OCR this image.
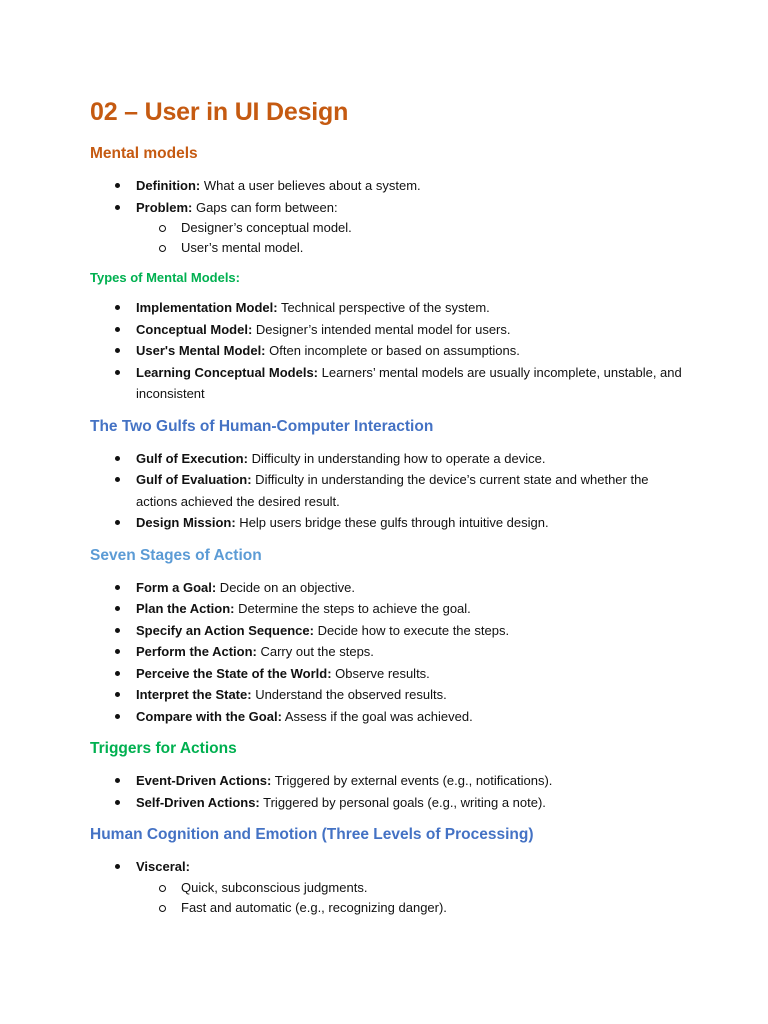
02 – User in UI Design
Mental models
Definition: What a user believes about a system.
Problem: Gaps can form between:
Designer’s conceptual model.
User’s mental model.
Types of Mental Models:
Implementation Model: Technical perspective of the system.
Conceptual Model: Designer’s intended mental model for users.
User's Mental Model: Often incomplete or based on assumptions.
Learning Conceptual Models: Learners’ mental models are usually incomplete, unstable, and inconsistent
The Two Gulfs of Human-Computer Interaction
Gulf of Execution: Difficulty in understanding how to operate a device.
Gulf of Evaluation: Difficulty in understanding the device’s current state and whether the actions achieved the desired result.
Design Mission: Help users bridge these gulfs through intuitive design.
Seven Stages of Action
Form a Goal: Decide on an objective.
Plan the Action: Determine the steps to achieve the goal.
Specify an Action Sequence: Decide how to execute the steps.
Perform the Action: Carry out the steps.
Perceive the State of the World: Observe results.
Interpret the State: Understand the observed results.
Compare with the Goal: Assess if the goal was achieved.
Triggers for Actions
Event-Driven Actions: Triggered by external events (e.g., notifications).
Self-Driven Actions: Triggered by personal goals (e.g., writing a note).
Human Cognition and Emotion (Three Levels of Processing)
Visceral:
Quick, subconscious judgments.
Fast and automatic (e.g., recognizing danger).
